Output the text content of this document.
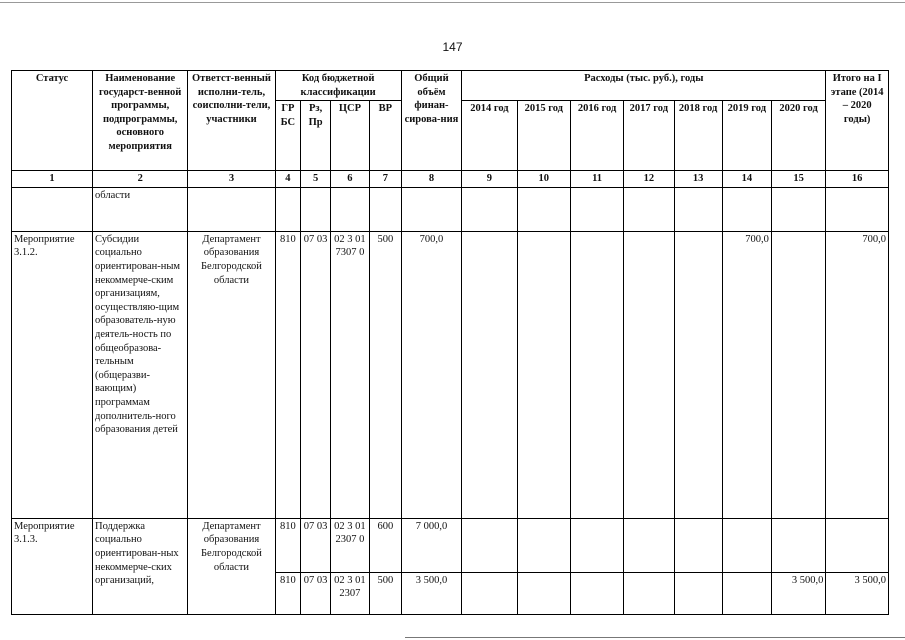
147
Статус	Наименование государст-венной программы, подпрограммы, основного мероприятия	Ответст-венный исполни-тель, соисполни-тели, участники	Код бюджетной классификации				Общий объём финан-сирова-ния	Расходы (тыс. руб.), годы							Итого на I этапе (2014 – 2020 годы)
			ГР БС	Рз, Пр	ЦСР	ВР		2014 год	2015 год	2016 год	2017 год	2018 год	2019 год	2020 год	
1	2	3	4	5	6	7	8	9	10	11	12	13	14	15	16
	области														
Мероприятие 3.1.2.	Субсидии социально ориентирован-ным некоммерче-ским организациям, осуществляю-щим образователь-ную деятель-ность по общеобразова-тельным (общеразви-вающим) программам дополнитель-ного образования детей	Департамент образования Белгородской области	810	07 03	02 3 01 7307 0	500	700,0						700,0		700,0
Мероприятие 3.1.3.	Поддержка социально ориентирован-ных некоммерче-ских организаций,	Департамент образования Белгородской области	810	07 03	02 3 01 2307 0	600	7 000,0								
			810	07 03	02 3 01 2307	500	3 500,0							3 500,0	3 500,0
